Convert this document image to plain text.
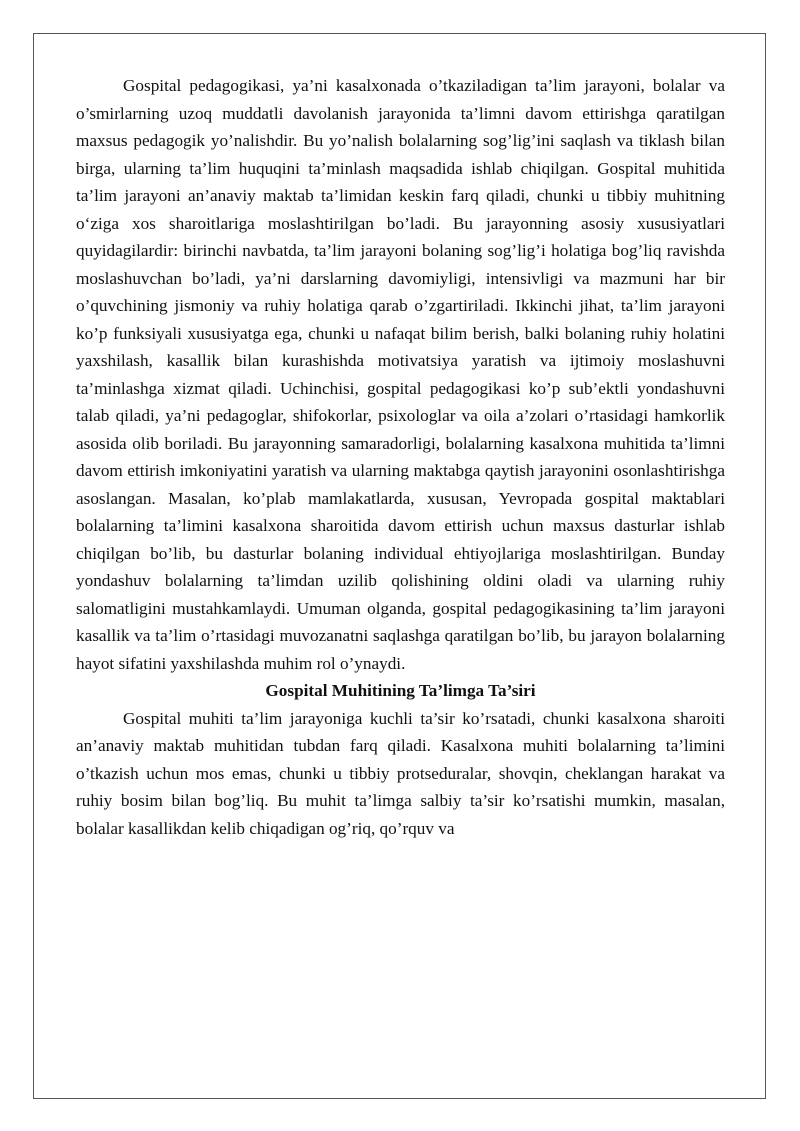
Gospital pedagogikasi, ya’ni kasalxonada o’tkaziladigan ta’lim jarayoni, bolalar va o’smirlarning uzoq muddatli davolanish jarayonida ta’limni davom ettirishga qaratilgan maxsus pedagogik yo’nalishdir. Bu yo’nalish bolalarning sog’lig’ini saqlash va tiklash bilan birga, ularning ta’lim huquqini ta’minlash maqsadida ishlab chiqilgan. Gospital muhitida ta’lim jarayoni an’anaviy maktab ta’limidan keskin farq qiladi, chunki u tibbiy muhitning oʻziga xos sharoitlariga moslashtirilgan bo’ladi. Bu jarayonning asosiy xususiyatlari quyidagilardir: birinchi navbatda, ta’lim jarayoni bolaning sog’lig’i holatiga bog’liq ravishda moslashuvchan bo’ladi, ya’ni darslarning davomiyligi, intensivligi va mazmuni har bir o’quvchining jismoniy va ruhiy holatiga qarab o’zgartiriladi. Ikkinchi jihat, ta’lim jarayoni ko’p funksiyali xususiyatga ega, chunki u nafaqat bilim berish, balki bolaning ruhiy holatini yaxshilash, kasallik bilan kurashishda motivatsiya yaratish va ijtimoiy moslashuvni ta’minlashga xizmat qiladi. Uchinchisi, gospital pedagogikasi ko’p sub’ektli yondashuvni talab qiladi, ya’ni pedagoglar, shifokorlar, psixologlar va oila a’zolari o’rtasidagi hamkorlik asosida olib boriladi. Bu jarayonning samaradorligi, bolalarning kasalxona muhitida ta’limni davom ettirish imkoniyatini yaratish va ularning maktabga qaytish jarayonini osonlashtirishga asoslangan. Masalan, ko’plab mamlakatlarda, xususan, Yevropada gospital maktablari bolalarning ta’limini kasalxona sharoitida davom ettirish uchun maxsus dasturlar ishlab chiqilgan bo’lib, bu dasturlar bolaning individual ehtiyojlariga moslashtirilgan. Bunday yondashuv bolalarning ta’limdan uzilib qolishining oldini oladi va ularning ruhiy salomatligini mustahkamlaydi. Umuman olganda, gospital pedagogikasining ta’lim jarayoni kasallik va ta’lim o’rtasidagi muvozanatni saqlashga qaratilgan bo’lib, bu jarayon bolalarning hayot sifatini yaxshilashda muhim rol o’ynaydi.

Gospital Muhitining Ta’limga Ta’siri

Gospital muhiti ta’lim jarayoniga kuchli ta’sir ko’rsatadi, chunki kasalxona sharoiti an’anaviy maktab muhitidan tubdan farq qiladi. Kasalxona muhiti bolalarning ta’limini o’tkazish uchun mos emas, chunki u tibbiy protseduralar, shovqin, cheklangan harakat va ruhiy bosim bilan bog’liq. Bu muhit ta’limga salbiy ta’sir ko’rsatishi mumkin, masalan, bolalar kasallikdan kelib chiqadigan og’riq, qo’rquv va
